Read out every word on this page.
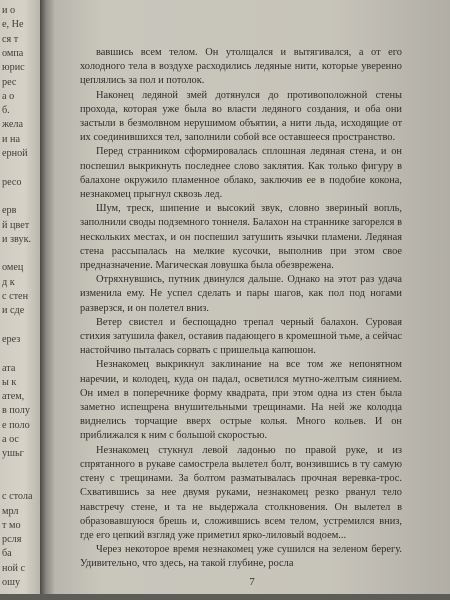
и о
е, Не
ся т
омпа
юрис
рес
а о
б.
жела
и на
ерной
ресо
ерв
й цвет
и звук.
омец
д к
с стен
и сде
ерез
ата
ы к
атем,
в полу
е поло
а ос
ушьг
с стола
мрл
т мо
рсля
ба
ной с
ошу

вавшись всем телом. Он утолщался и вытягивался, а от его холодного тела в воздухе расходились ледяные нити, которые уверенно цеплялись за пол и потолок.

Наконец ледяной змей дотянулся до противоположной стены прохода, которая уже была во власти ледяного создания, и оба они застыли в безмолвном нерушимом объятии, а нити льда, исходящие от их соединившихся тел, заполнили собой все оставшееся пространство.

Перед странником сформировалась сплошная ледяная стена, и он поспешил выкрикнуть последнее слово заклятия. Как только фигуру в балахоне окружило пламенное облако, заключив ее в подобие кокона, незнакомец прыгнул сквозь лед.

Шум, треск, шипение и высокий звук, словно звериный вопль, заполнили своды подземного тоннеля. Балахон на страннике загорелся в нескольких местах, и он поспешил затушить язычки пламени. Ледяная стена рассыпалась на мелкие кусочки, выполнив при этом свое предназначение. Магическая ловушка была обезврежена.

Отряхнувшись, путник двинулся дальше. Однако на этот раз удача изменила ему. Не успел сделать и пары шагов, как пол под ногами разверзся, и он полетел вниз.

Ветер свистел и беспощадно трепал черный балахон. Суровая стихия затушила факел, оставив падающего в кромешной тьме, а сейчас настойчиво пыталась сорвать с пришельца капюшон.

Незнакомец выкрикнул заклинание на все том же непонятном наречии, и колодец, куда он падал, осветился мутно-желтым сиянием. Он имел в поперечнике форму квадрата, при этом одна из стен была заметно испещрена внушительными трещинами. На ней же колодца виднелись торчащие вверх острые колья. Много кольев. И он приближался к ним с большой скоростью.

Незнакомец стукнул левой ладонью по правой руке, и из спрятанного в рукаве самострела вылетел болт, вонзившись в ту самую стену с трещинами. За болтом разматывалась прочная веревка-трос. Схватившись за нее двумя руками, незнакомец резко рванул тело навстречу стене, и та не выдержала столкновения. Он вылетел в образовавшуюся брешь и, сложившись всем телом, устремился вниз, где его цепкий взгляд уже приметил ярко-лиловый водоем...

Через некоторое время незнакомец уже сушился на зеленом берегу. Удивительно, что здесь, на такой глубине, росла

7
